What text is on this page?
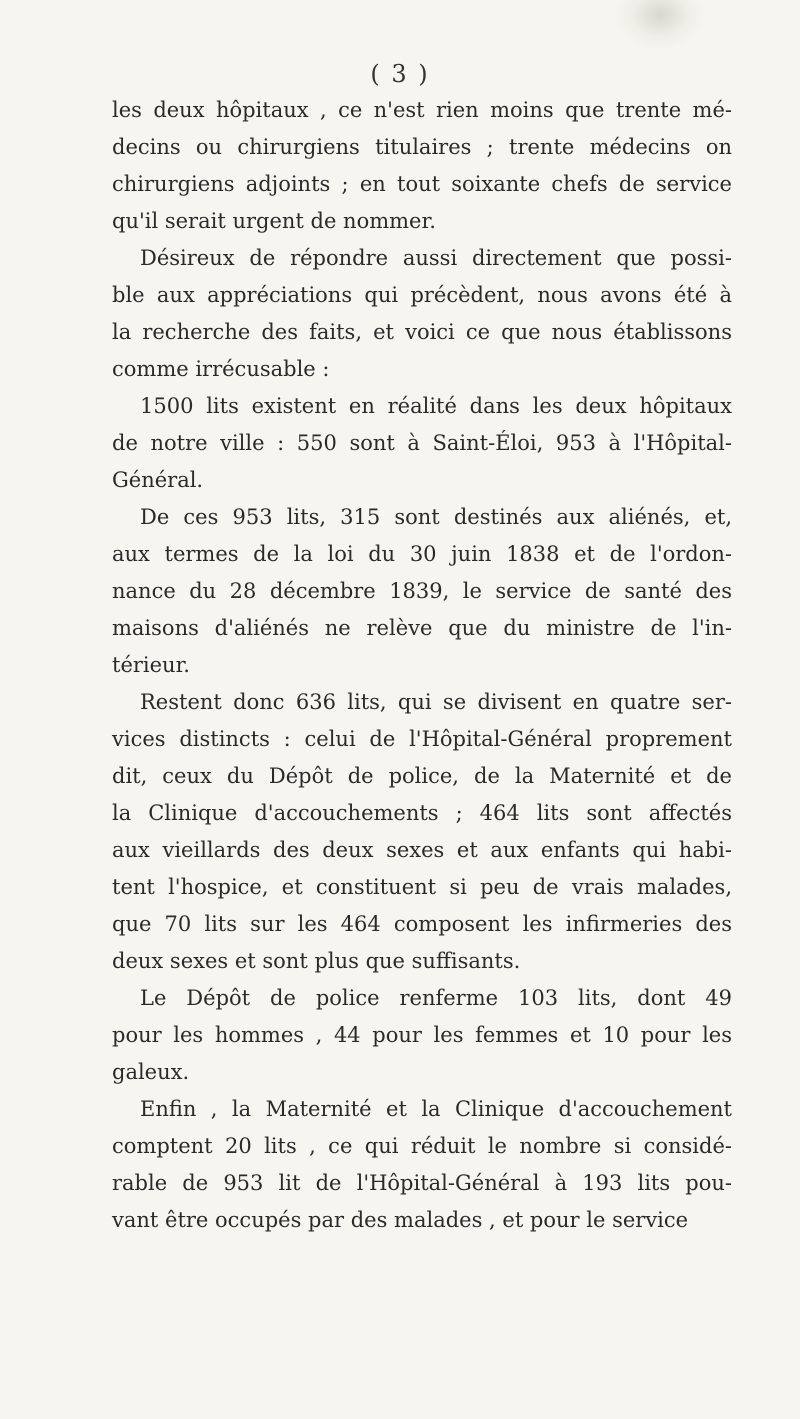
( 3 )
les deux hôpitaux , ce n'est rien moins que trente mé-
decins ou chirurgiens titulaires ; trente médecins on
chirurgiens adjoints ; en tout soixante chefs de service
qu'il serait urgent de nommer.
Désireux de répondre aussi directement que possi-
ble aux appréciations qui précèdent, nous avons été à
la recherche des faits, et voici ce que nous établissons
comme irrécusable :
1500 lits existent en réalité dans les deux hôpitaux
de notre ville : 550 sont à Saint-Éloi, 953 à l'Hôpital-
Général.
De ces 953 lits, 315 sont destinés aux aliénés, et,
aux termes de la loi du 30 juin 1838 et de l'ordon-
nance du 28 décembre 1839, le service de santé des
maisons d'aliénés ne relève que du ministre de l'in-
térieur.
Restent donc 636 lits, qui se divisent en quatre ser-
vices distincts : celui de l'Hôpital-Général proprement
dit, ceux du Dépôt de police, de la Maternité et de
la Clinique d'accouchements ; 464 lits sont affectés
aux vieillards des deux sexes et aux enfants qui habi-
tent l'hospice, et constituent si peu de vrais malades,
que 70 lits sur les 464 composent les infirmeries des
deux sexes et sont plus que suffisants.
Le Dépôt de police renferme 103 lits, dont 49
pour les hommes , 44 pour les femmes et 10 pour les
galeux.
Enfin , la Maternité et la Clinique d'accouchement
comptent 20 lits , ce qui réduit le nombre si considé-
rable de 953 lit de l'Hôpital-Général à 193 lits pou-
vant être occupés par des malades , et pour le service
